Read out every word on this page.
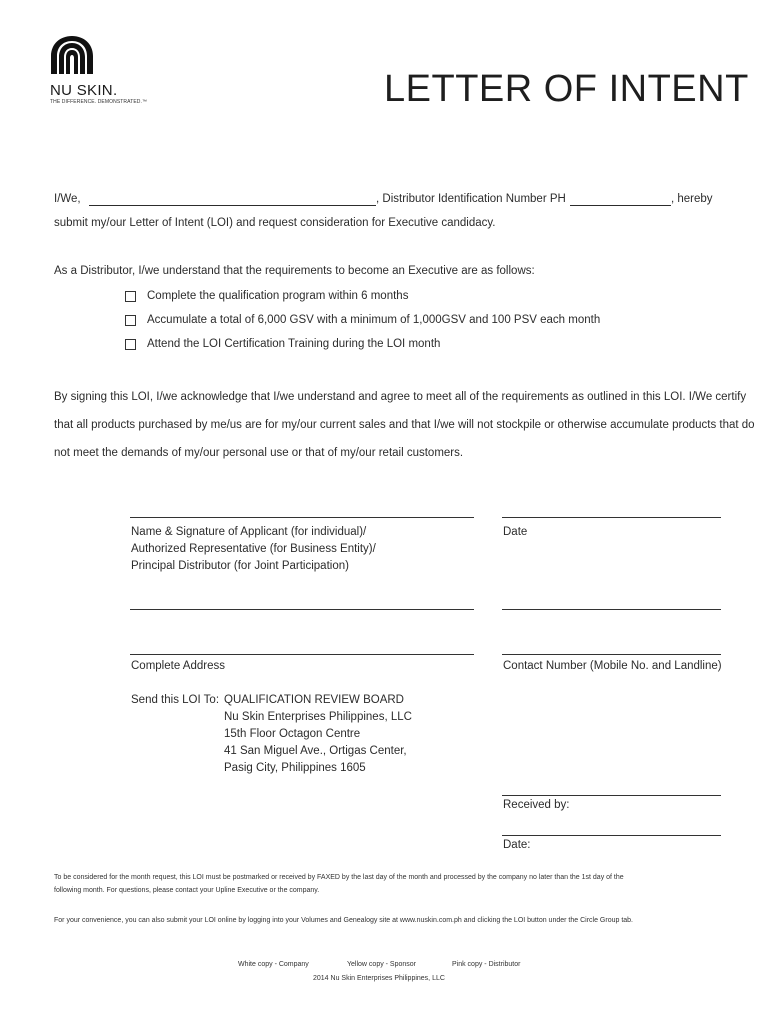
NU SKIN.
THE DIFFERENCE. DEMONSTRATED.™	LETTER OF INTENT
I/We,	, Distributor Identification Number PH	, hereby
submit my/our Letter of Intent (LOI) and request consideration for Executive candidacy.
As a Distributor, I/we understand that the requirements to become an Executive are as follows:
Complete the qualification program within 6 months
Accumulate a total of 6,000 GSV with a minimum of 1,000GSV and 100 PSV each month
Attend the LOI Certification Training during the LOI month
By signing this LOI, I/we acknowledge that I/we understand and agree to meet all of the requirements as outlined in this LOI. I/We certify
that all products purchased by me/us are for my/our current sales and that I/we will not stockpile or otherwise accumulate products that do
not meet the demands of my/our personal use or that of my/our retail customers.
Name & Signature of Applicant (for individual)/
Authorized Representative (for Business Entity)/
Principal Distributor (for Joint Participation)
Date
Complete Address	Contact Number (Mobile No. and Landline)
Send this LOI To: QUALIFICATION REVIEW BOARD
Nu Skin Enterprises Philippines, LLC
15th Floor Octagon Centre
41 San Miguel Ave., Ortigas Center,
Pasig City, Philippines 1605
Received by:
Date:
To be considered for the month request, this LOI must be postmarked or received by FAXED by the last day of the month and processed by the company no later than the 1st day of the
following month. For questions, please contact your Upline Executive or the company.
For your convenience, you can also submit your LOI online by logging into your Volumes and Genealogy site at www.nuskin.com.ph and clicking the LOI button under the Circle Group tab.
White copy - Company	Yellow copy - Sponsor	Pink copy - Distributor
2014 Nu Skin Enterprises Philippines, LLC
